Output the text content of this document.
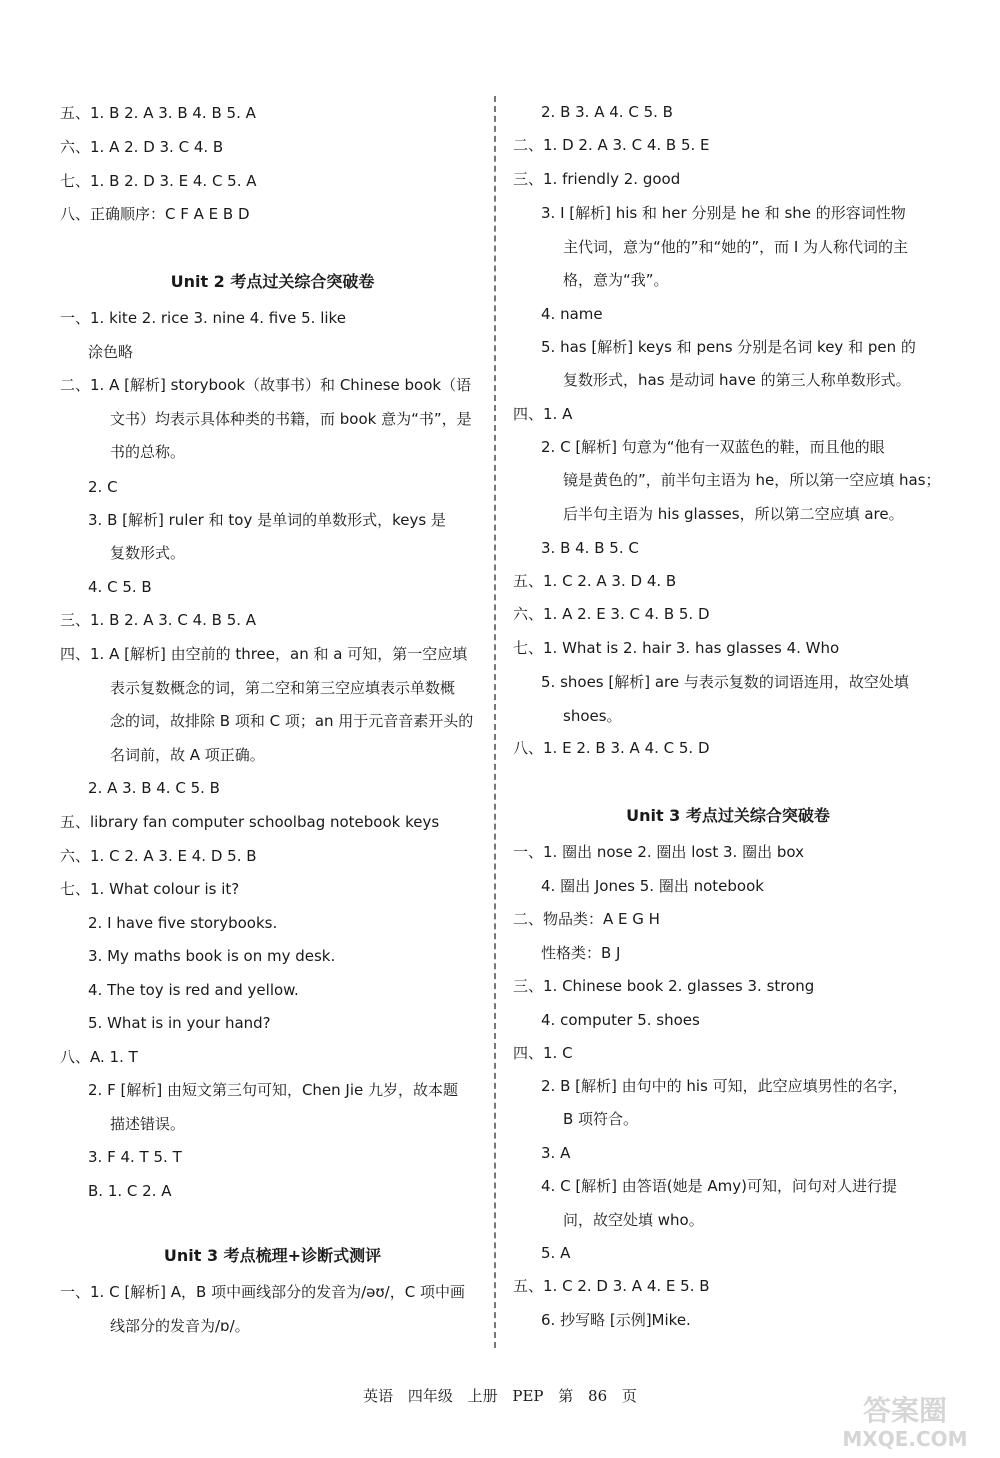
五、1. B 2. A 3. B 4. B 5. A
六、1. A 2. D 3. C 4. B
七、1. B 2. D 3. E 4. C 5. A
八、正确顺序：C F A E B D
Unit 2 考点过关综合突破卷
一、1. kite 2. rice 3. nine 4. five 5. like
涂色略
二、1. A [解析] storybook（故事书）和 Chinese book（语
文书）均表示具体种类的书籍，而 book 意为“书”，是
书的总称。
2. C
3. B [解析] ruler 和 toy 是单词的单数形式，keys 是
复数形式。
4. C 5. B
三、1. B 2. A 3. C 4. B 5. A
四、1. A [解析] 由空前的 three，an 和 a 可知，第一空应填
表示复数概念的词，第二空和第三空应填表示单数概
念的词，故排除 B 项和 C 项；an 用于元音音素开头的
名词前，故 A 项正确。
2. A 3. B 4. C 5. B
五、library fan computer schoolbag notebook keys
六、1. C 2. A 3. E 4. D 5. B
七、1. What colour is it?
2. I have five storybooks.
3. My maths book is on my desk.
4. The toy is red and yellow.
5. What is in your hand?
八、A. 1. T
2. F [解析] 由短文第三句可知，Chen Jie 九岁，故本题
描述错误。
3. F 4. T 5. T
B. 1. C 2. A
Unit 3 考点梳理+诊断式测评
一、1. C [解析] A，B 项中画线部分的发音为/əʊ/，C 项中画
线部分的发音为/ɒ/。
2. B 3. A 4. C 5. B
二、1. D 2. A 3. C 4. B 5. E
三、1. friendly 2. good
3. I [解析] his 和 her 分别是 he 和 she 的形容词性物
主代词，意为“他的”和“她的”，而 I 为人称代词的主
格，意为“我”。
4. name
5. has [解析] keys 和 pens 分别是名词 key 和 pen 的
复数形式，has 是动词 have 的第三人称单数形式。
四、1. A
2. C [解析] 句意为“他有一双蓝色的鞋，而且他的眼
镜是黄色的”，前半句主语为 he，所以第一空应填 has；
后半句主语为 his glasses，所以第二空应填 are。
3. B 4. B 5. C
五、1. C 2. A 3. D 4. B
六、1. A 2. E 3. C 4. B 5. D
七、1. What is 2. hair 3. has glasses 4. Who
5. shoes [解析] are 与表示复数的词语连用，故空处填
shoes。
八、1. E 2. B 3. A 4. C 5. D
Unit 3 考点过关综合突破卷
一、1. 圈出 nose 2. 圈出 lost 3. 圈出 box
4. 圈出 Jones 5. 圈出 notebook
二、物品类：A E G H
性格类：B J
三、1. Chinese book 2. glasses 3. strong
4. computer 5. shoes
四、1. C
2. B [解析] 由句中的 his 可知，此空应填男性的名字，
B 项符合。
3. A
4. C [解析] 由答语(她是 Amy)可知，问句对人进行提
问，故空处填 who。
5. A
五、1. C 2. D 3. A 4. E 5. B
6. 抄写略 [示例]Mike.
英语 四年级 上册 PEP 第 86 页	答案圈
MXQE.COM
